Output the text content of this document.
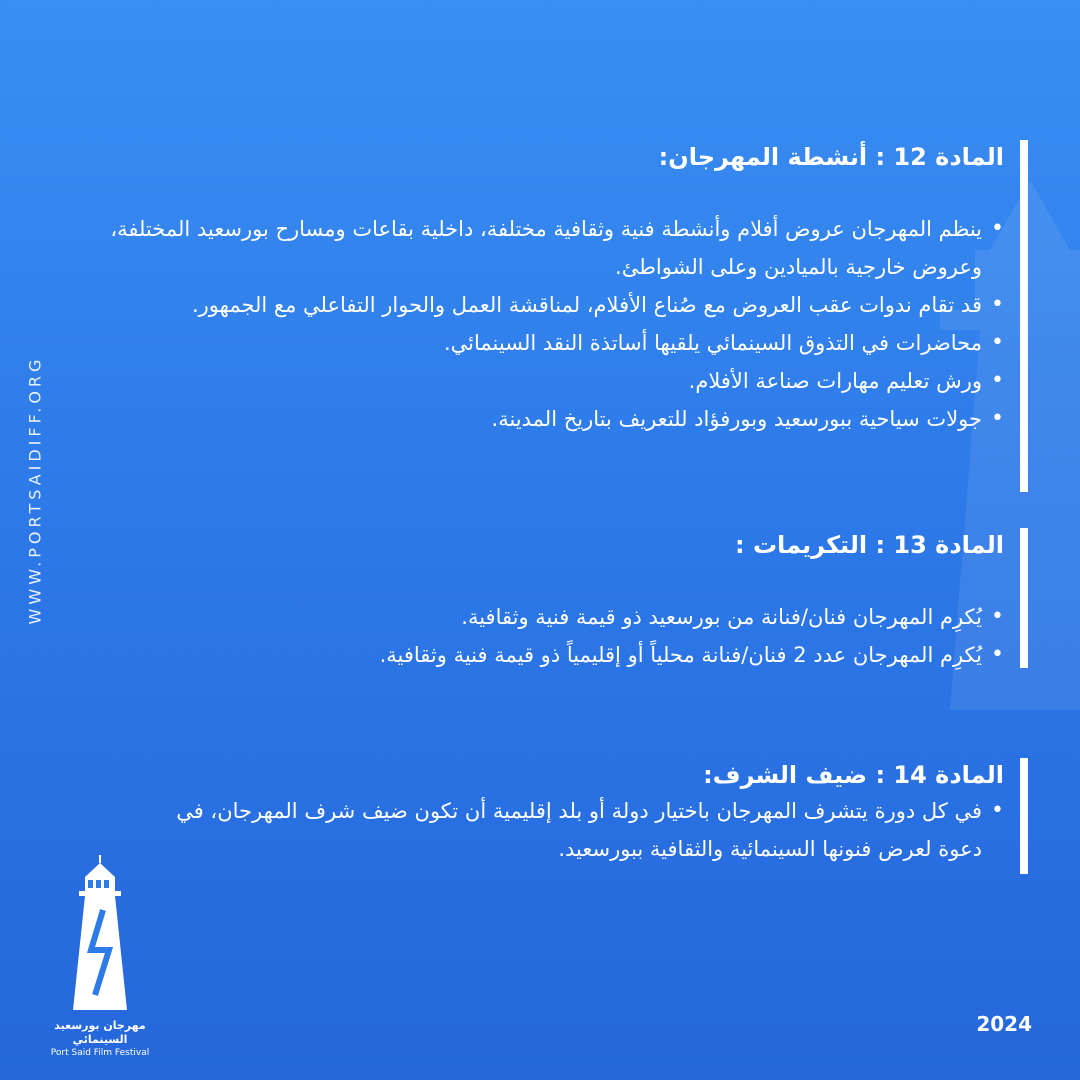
WWW.PORTSAIDIFF.ORG
المادة 12 : أنشطة المهرجان:
• ينظم المهرجان عروض أفلام وأنشطة فنية وثقافية مختلفة، داخلية بقاعات ومسارح بورسعيد المختلفة، وعروض خارجية بالميادين وعلى الشواطئ.
• قد تقام ندوات عقب العروض مع صُناع الأفلام، لمناقشة العمل والحوار التفاعلي مع الجمهور.
• محاضرات في التذوق السينمائي يلقيها أساتذة النقد السينمائي.
• ورش تعليم مهارات صناعة الأفلام.
• جولات سياحية ببورسعيد وبورفؤاد للتعريف بتاريخ المدينة.
المادة 13 : التكريمات :
• يُكرِم المهرجان فنان/فنانة من بورسعيد ذو قيمة فنية وثقافية.
• يُكرِم المهرجان عدد 2 فنان/فنانة محلياً أو إقليمياً ذو قيمة فنية وثقافية.
المادة 14 : ضيف الشرف:
• في كل دورة يتشرف المهرجان باختيار دولة أو بلد إقليمية أن تكون ضيف شرف المهرجان، في دعوة لعرض فنونها السينمائية والثقافية ببورسعيد.
مهرجان بورسعيد السينمائي
Port Said Film Festival
2024
